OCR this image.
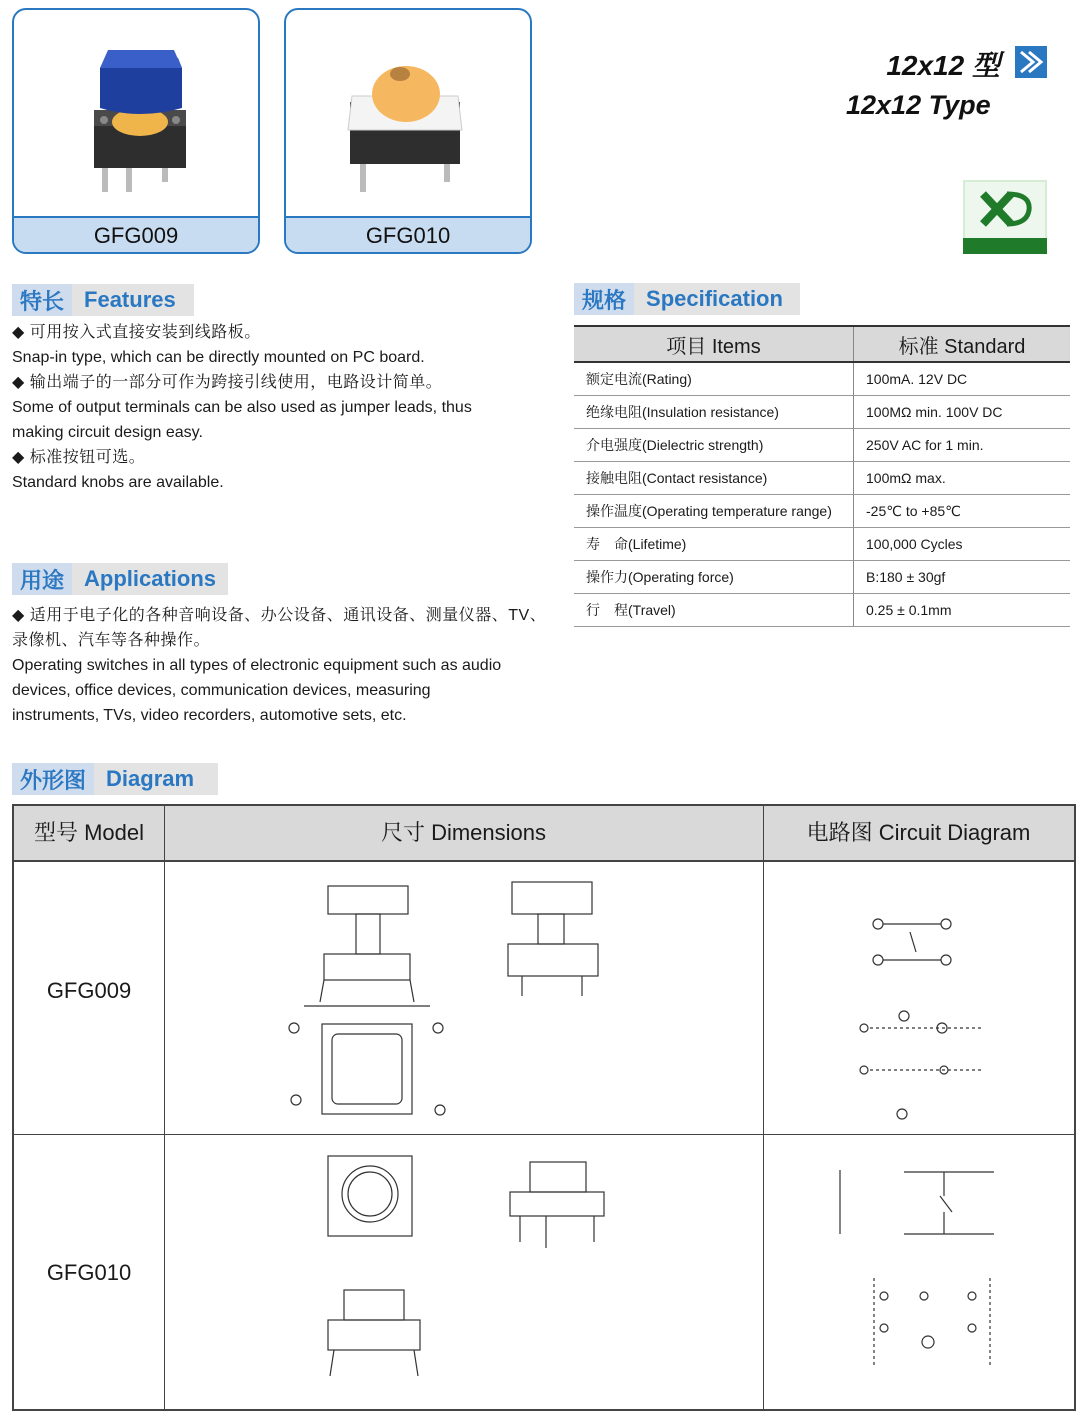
GFG009	GFG010
12x12 型
12x12 Type
特长 Features

◆ 可用按入式直接安装到线路板。

Snap-in type, which can be directly mounted on PC board.

◆ 输出端子的一部分可作为跨接引线使用，电路设计简单。

Some of output terminals can be also used as jumper leads, thus

making circuit design easy.

◆ 标准按钮可选。

Standard knobs are available.

用途 Applications

◆ 适用于电子化的各种音响设备、办公设备、通讯设备、测量仪器、TV、

录像机、汽车等各种操作。

Operating switches in all types of electronic equipment such as audio

devices, office devices, communication devices, measuring

instruments, TVs, video recorders, automotive sets, etc.

规格 Specification
项目 Items	标准 Standard
额定电流(Rating)	100mA. 12V DC
绝缘电阻(Insulation resistance)	100MΩ min. 100V DC
介电强度(Dielectric strength)	250V AC for 1 min.
接触电阻(Contact resistance)	100mΩ max.
操作温度(Operating temperature range)	-25℃ to +85℃
寿　命(Lifetime)	100,000 Cycles
操作力(Operating force)	B:180 ± 30gf
行　程(Travel)	0.25 ± 0.1mm
外形图 Diagram
型号 Model	尺寸 Dimensions	电路图 Circuit Diagram
GFG009
GFG010
